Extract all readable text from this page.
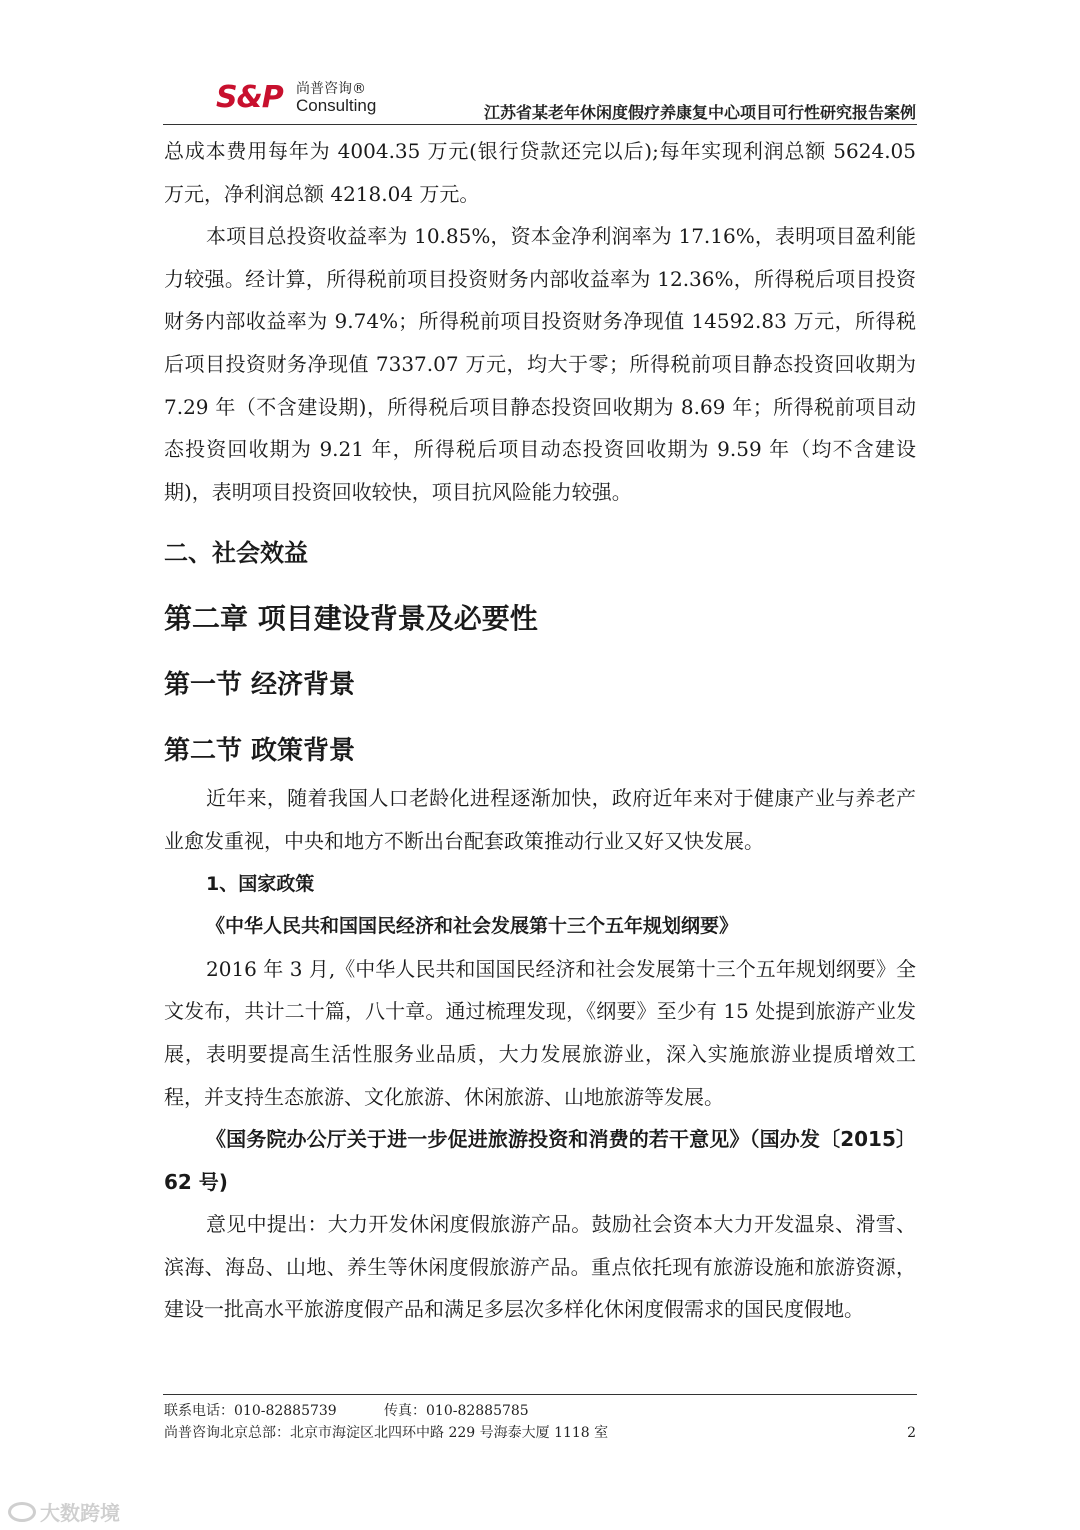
S&P 尚普咨询®
Consulting	江苏省某老年休闲度假疗养康复中心项目可行性研究报告案例

总成本费用每年为 4004.35 万元(银行贷款还完以后);每年实现利润总额 5624.05 万元，净利润总额 4218.04 万元。

本项目总投资收益率为 10.85%，资本金净利润率为 17.16%，表明项目盈利能力较强。经计算，所得税前项目投资财务内部收益率为 12.36%，所得税后项目投资财务内部收益率为 9.74%；所得税前项目投资财务净现值 14592.83 万元，所得税后项目投资财务净现值 7337.07 万元，均大于零；所得税前项目静态投资回收期为 7.29 年（不含建设期)，所得税后项目静态投资回收期为 8.69 年；所得税前项目动态投资回收期为 9.21 年，所得税后项目动态投资回收期为 9.59 年（均不含建设期)，表明项目投资回收较快，项目抗风险能力较强。

二、社会效益
第二章 项目建设背景及必要性
第一节 经济背景
第二节 政策背景

近年来，随着我国人口老龄化进程逐渐加快，政府近年来对于健康产业与养老产业愈发重视，中央和地方不断出台配套政策推动行业又好又快发展。

1、国家政策

《中华人民共和国国民经济和社会发展第十三个五年规划纲要》

2016 年 3 月,《中华人民共和国国民经济和社会发展第十三个五年规划纲要》全文发布，共计二十篇，八十章。通过梳理发现，《纲要》至少有 15 处提到旅游产业发展，表明要提高生活性服务业品质，大力发展旅游业，深入实施旅游业提质增效工程，并支持生态旅游、文化旅游、休闲旅游、山地旅游等发展。

《国务院办公厅关于进一步促进旅游投资和消费的若干意见》（国办发〔2015〕62 号)

意见中提出：大力开发休闲度假旅游产品。鼓励社会资本大力开发温泉、滑雪、滨海、海岛、山地、养生等休闲度假旅游产品。重点依托现有旅游设施和旅游资源，建设一批高水平旅游度假产品和满足多层次多样化休闲度假需求的国民度假地。

联系电话：010-82885739	传真：010-82885785
尚普咨询北京总部：北京市海淀区北四环中路 229 号海泰大厦 1118 室	2
大数跨境
